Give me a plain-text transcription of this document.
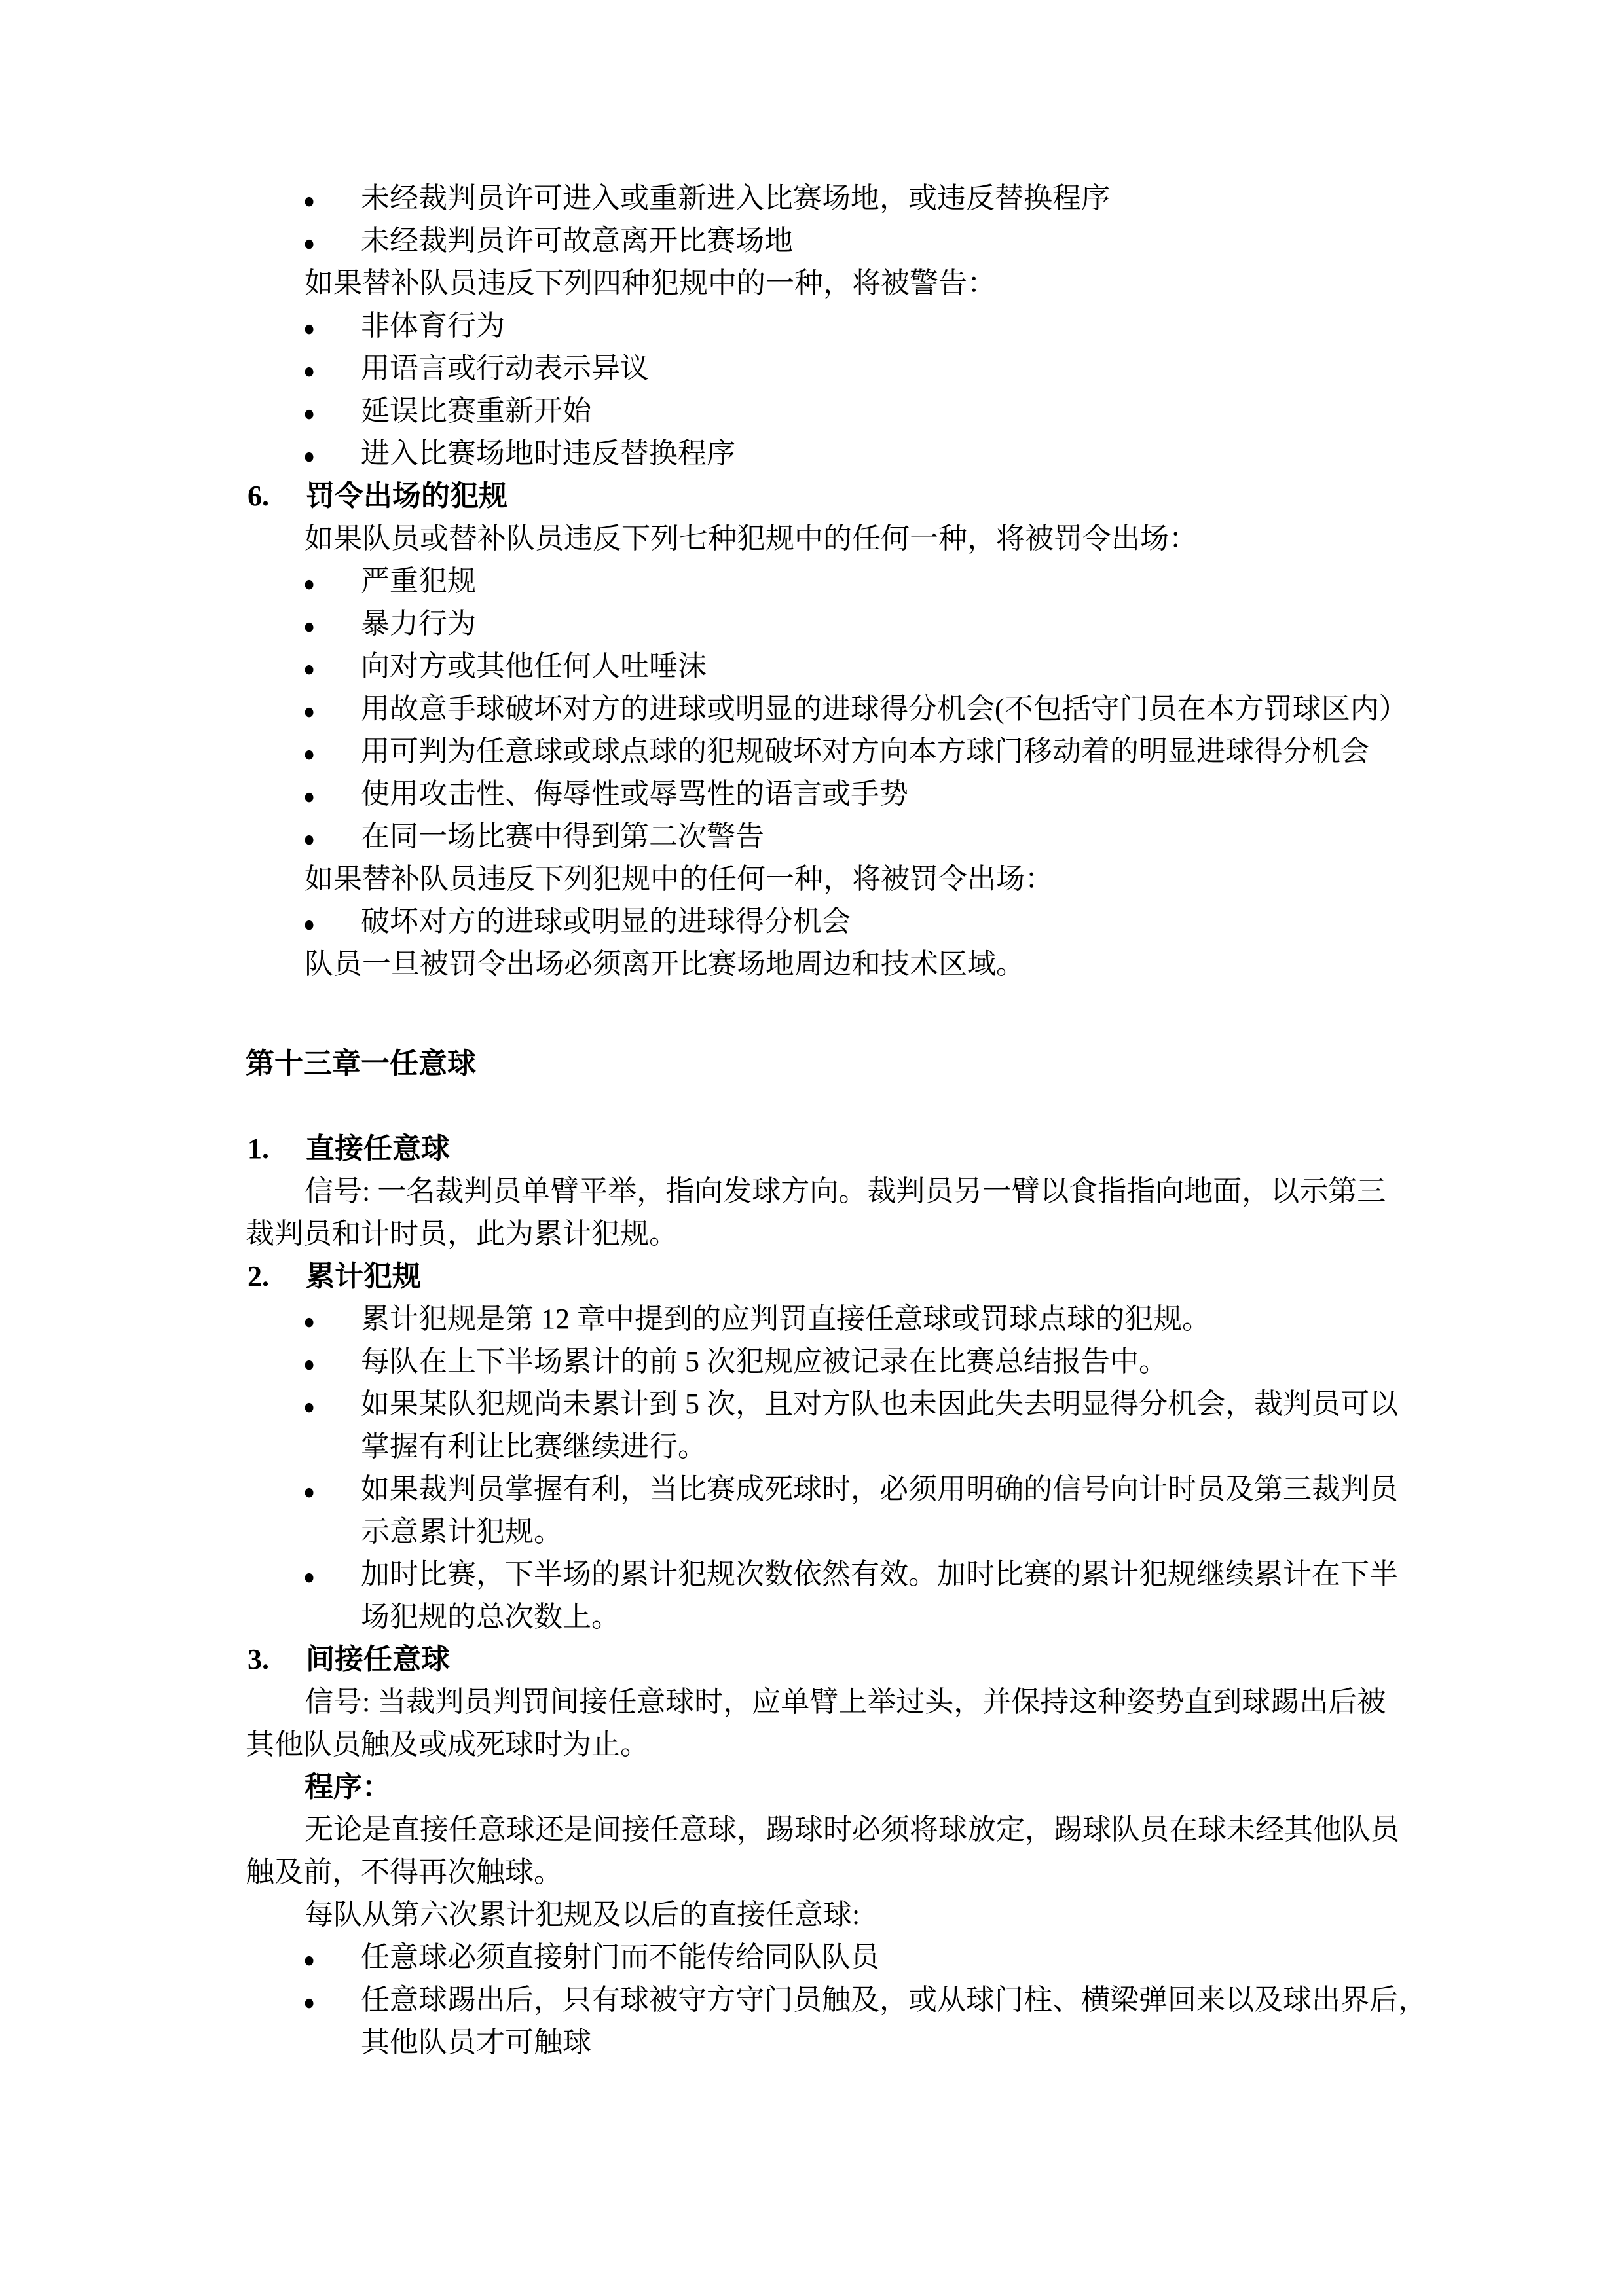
● 未经裁判员许可进入或重新进入比赛场地，或违反替换程序
● 未经裁判员许可故意离开比赛场地
如果替补队员违反下列四种犯规中的一种，将被警告：
● 非体育行为
● 用语言或行动表示异议
● 延误比赛重新开始
● 进入比赛场地时违反替换程序
6. 罚令出场的犯规
如果队员或替补队员违反下列七种犯规中的任何一种，将被罚令出场：
● 严重犯规
● 暴力行为
● 向对方或其他任何人吐唾沫
● 用故意手球破坏对方的进球或明显的进球得分机会(不包括守门员在本方罚球区内）
● 用可判为任意球或球点球的犯规破坏对方向本方球门移动着的明显进球得分机会
● 使用攻击性、侮辱性或辱骂性的语言或手势
● 在同一场比赛中得到第二次警告
如果替补队员违反下列犯规中的任何一种，将被罚令出场：
● 破坏对方的进球或明显的进球得分机会
队员一旦被罚令出场必须离开比赛场地周边和技术区域。
第十三章一任意球
1. 直接任意球
信号: 一名裁判员单臂平举，指向发球方向。裁判员另一臂以食指指向地面，以示第三
裁判员和计时员，此为累计犯规。
2. 累计犯规
● 累计犯规是第 12 章中提到的应判罚直接任意球或罚球点球的犯规。
● 每队在上下半场累计的前 5 次犯规应被记录在比赛总结报告中。
● 如果某队犯规尚未累计到 5 次，且对方队也未因此失去明显得分机会，裁判员可以
掌握有利让比赛继续进行。
● 如果裁判员掌握有利，当比赛成死球时，必须用明确的信号向计时员及第三裁判员
示意累计犯规。
● 加时比赛，下半场的累计犯规次数依然有效。加时比赛的累计犯规继续累计在下半
场犯规的总次数上。
3. 间接任意球
信号: 当裁判员判罚间接任意球时，应单臂上举过头，并保持这种姿势直到球踢出后被
其他队员触及或成死球时为止。
程序：
无论是直接任意球还是间接任意球，踢球时必须将球放定，踢球队员在球未经其他队员
触及前，不得再次触球。
每队从第六次累计犯规及以后的直接任意球:
● 任意球必须直接射门而不能传给同队队员
● 任意球踢出后，只有球被守方守门员触及，或从球门柱、横梁弹回来以及球出界后，
其他队员才可触球
